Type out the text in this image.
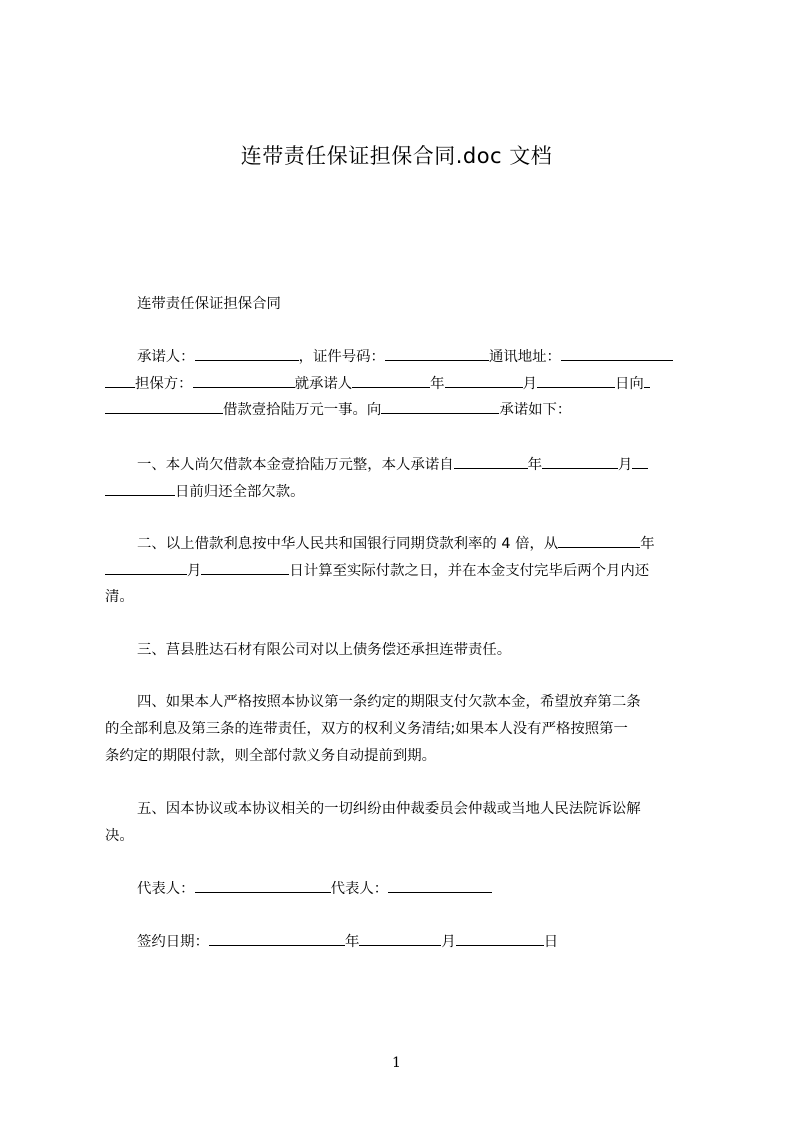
连带责任保证担保合同.doc 文档
连带责任保证担保合同
承诺人：	，证件号码：	通讯地址：
担保方：	就承诺人	年	月	日向
借款壹拾陆万元一事。向	承诺如下：
一、本人尚欠借款本金壹拾陆万元整，本人承诺自	年	月
日前归还全部欠款。
二、以上借款利息按中华人民共和国银行同期贷款利率的 4 倍，从	年
月	日计算至实际付款之日，并在本金支付完毕后两个月内还
清。
三、莒县胜达石材有限公司对以上债务偿还承担连带责任。
四、如果本人严格按照本协议第一条约定的期限支付欠款本金，希望放弃第二条
的全部利息及第三条的连带责任，双方的权利义务清结;如果本人没有严格按照第一
条约定的期限付款，则全部付款义务自动提前到期。
五、因本协议或本协议相关的一切纠纷由仲裁委员会仲裁或当地人民法院诉讼解
决。
代表人：	代表人：
签约日期：	年	月	日
1
